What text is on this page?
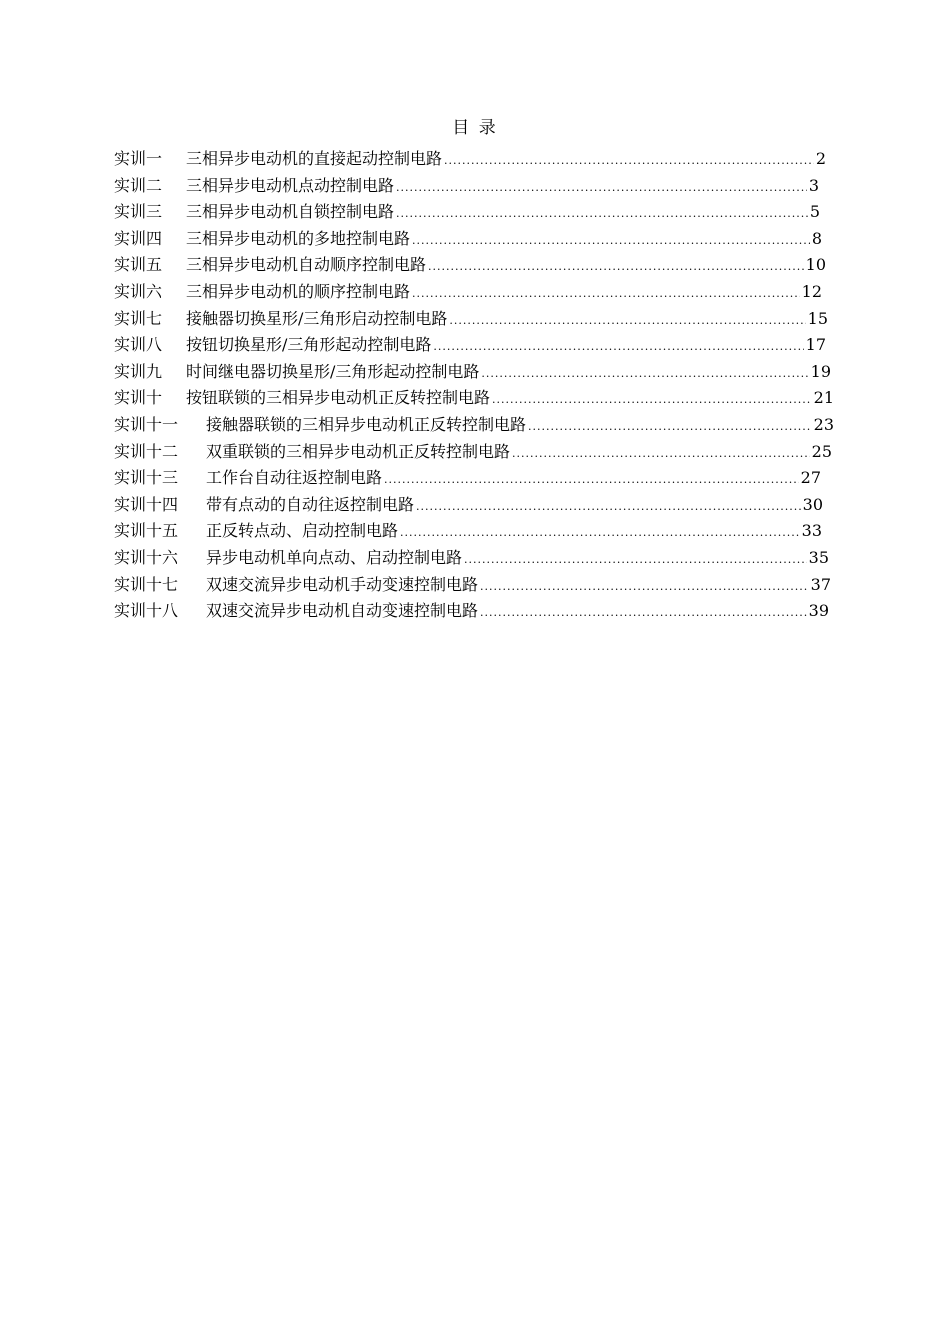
目 录
实训一	三相异步电动机的直接起动控制电路 .....	2
实训二	三相异步电动机点动控制电路 .....	3
实训三	三相异步电动机自锁控制电路 .....	5
实训四	三相异步电动机的多地控制电路 .....	8
实训五	三相异步电动机自动顺序控制电路 .....	10
实训六	三相异步电动机的顺序控制电路 .....	12
实训七	接触器切换星形/三角形启动控制电路 .....	15
实训八	按钮切换星形/三角形起动控制电路 .....	17
实训九	时间继电器切换星形/三角形起动控制电路 .....	19
实训十	按钮联锁的三相异步电动机正反转控制电路 .....	21
实训十一	接触器联锁的三相异步电动机正反转控制电路 .....	23
实训十二	双重联锁的三相异步电动机正反转控制电路 .....	25
实训十三	工作台自动往返控制电路 .....	27
实训十四	带有点动的自动往返控制电路 .....	30
实训十五	正反转点动、启动控制电路 .....	33
实训十六	异步电动机单向点动、启动控制电路 .....	35
实训十七	双速交流异步电动机手动变速控制电路 .....	37
实训十八	双速交流异步电动机自动变速控制电路 .....	39
